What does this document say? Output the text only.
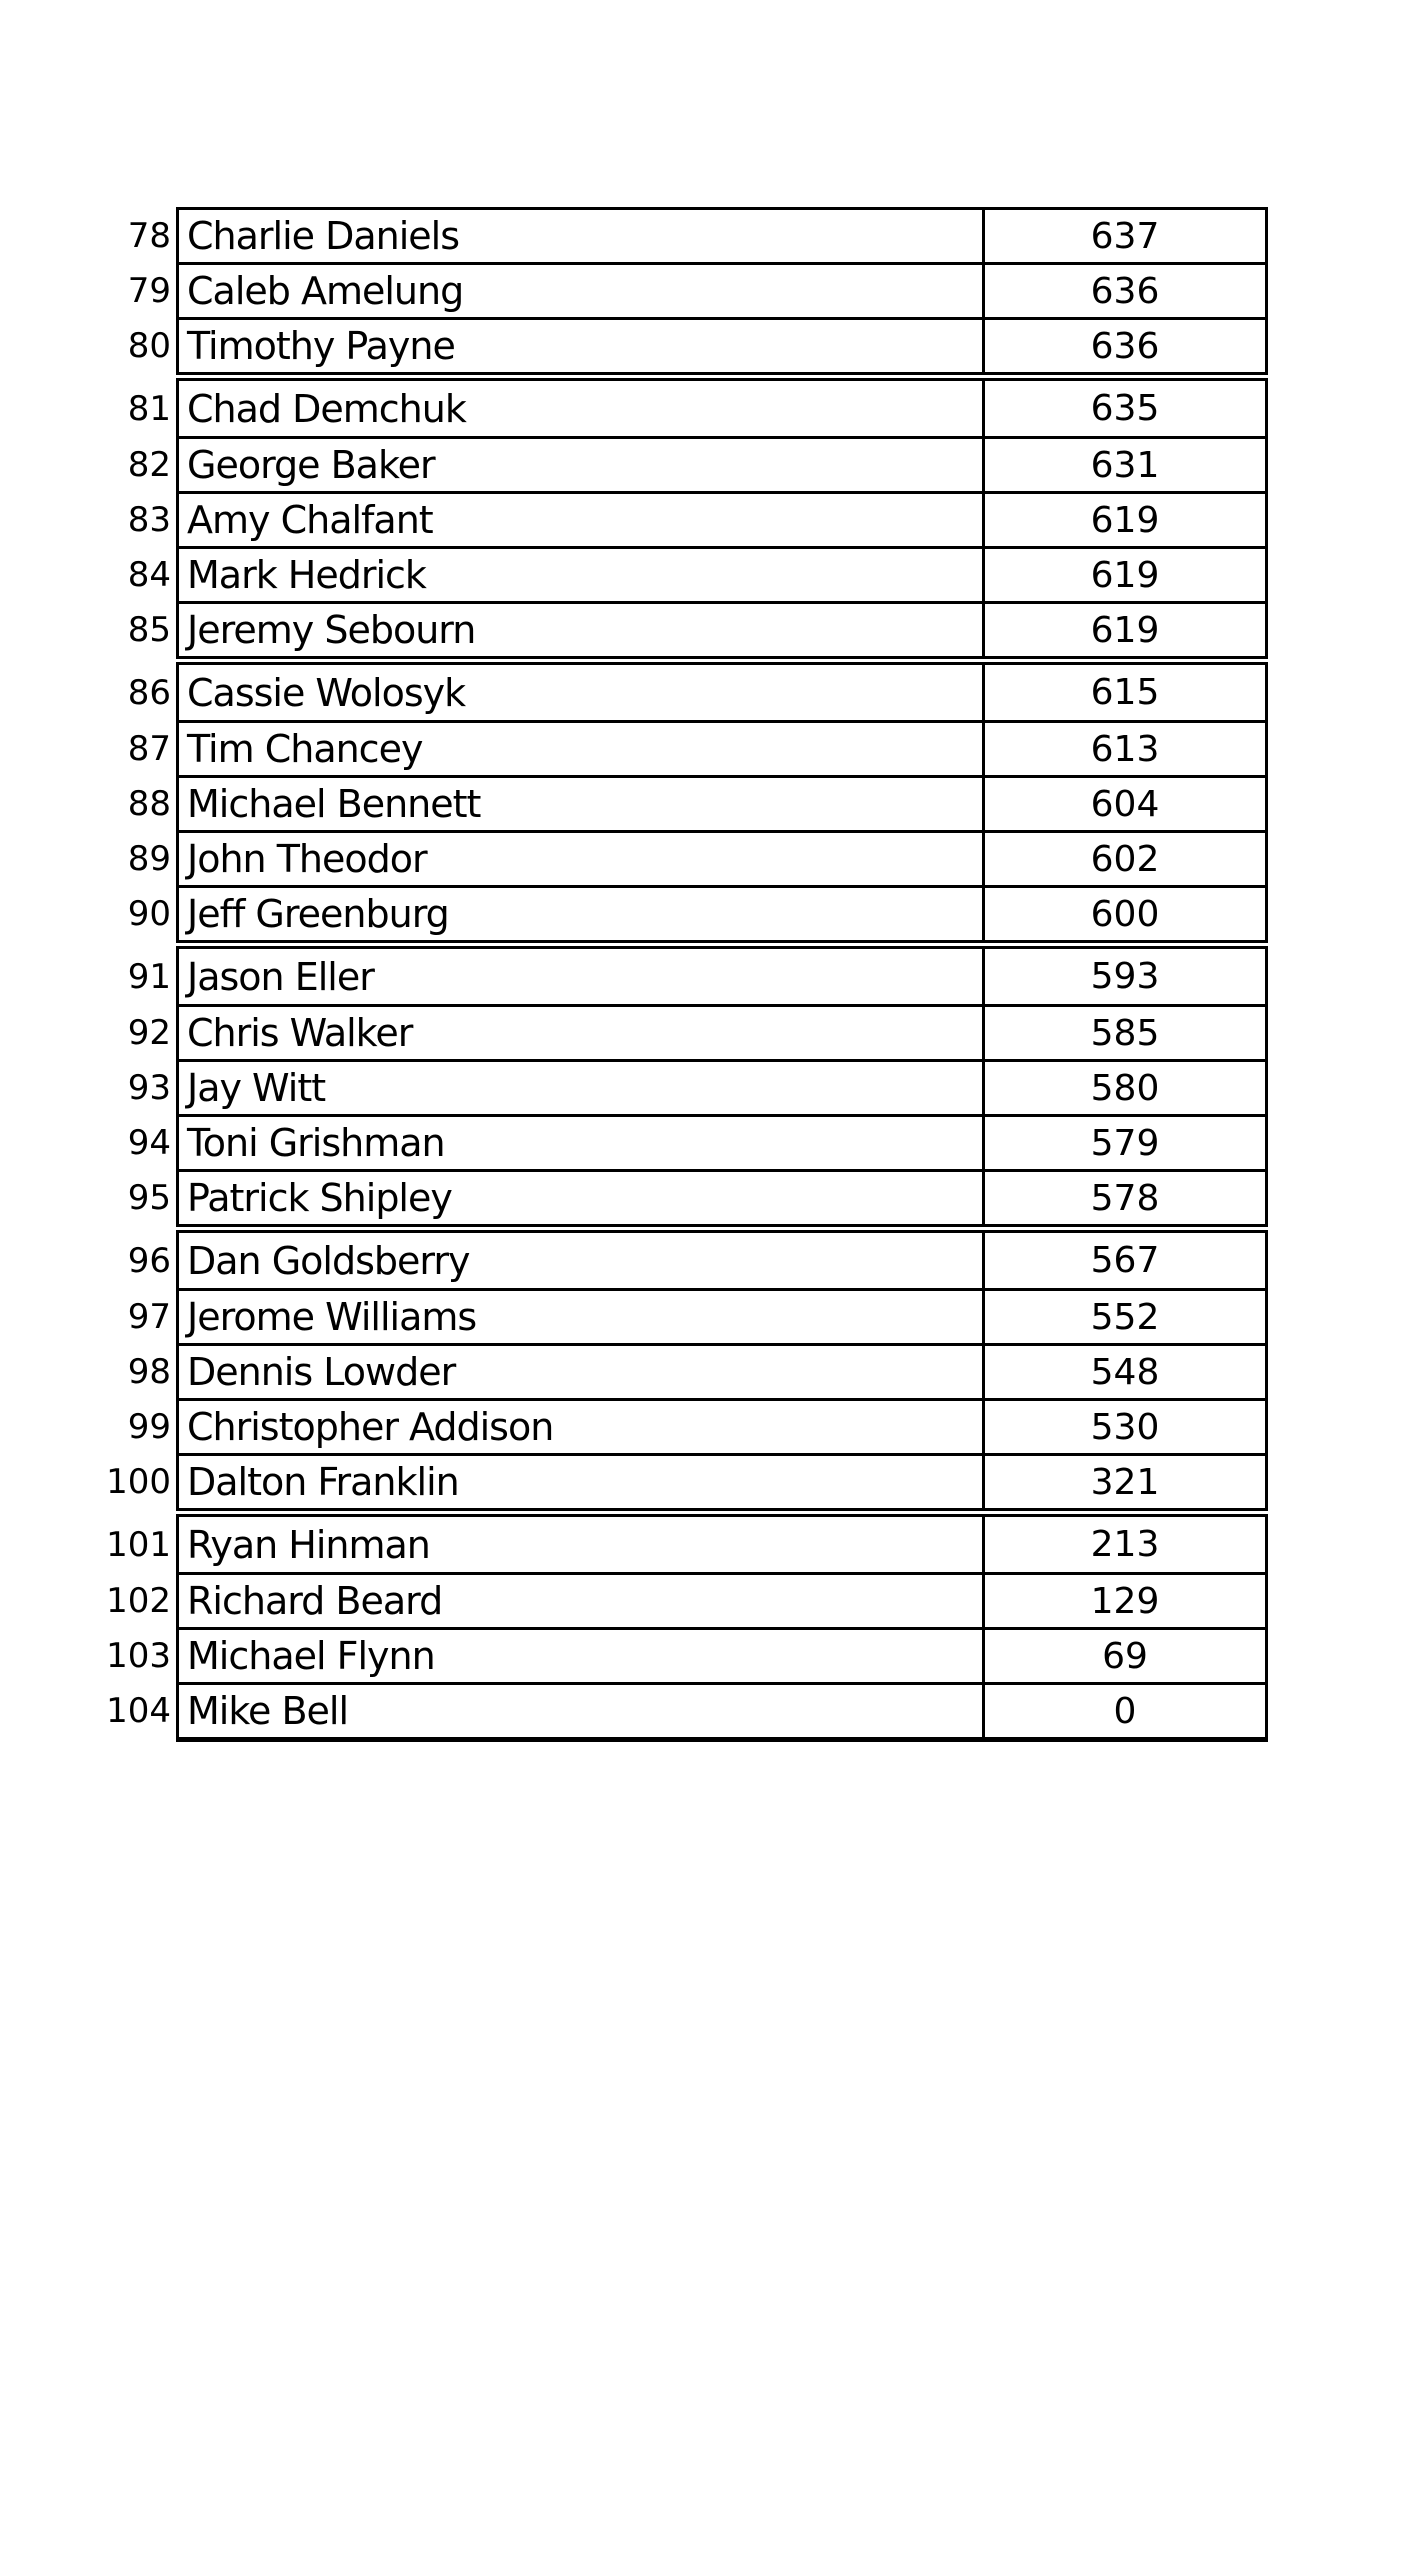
78 Charlie Daniels	637
79 Caleb Amelung	636
80 Timothy Payne	636
81 Chad Demchuk	635
82 George Baker	631
83 Amy Chalfant	619
84 Mark Hedrick	619
85 Jeremy Sebourn	619
86 Cassie Wolosyk	615
87 Tim Chancey	613
88 Michael Bennett	604
89 John Theodor	602
90 Jeff Greenburg	600
91 Jason Eller	593
92 Chris Walker	585
93 Jay Witt	580
94 Toni Grishman	579
95 Patrick Shipley	578
96 Dan Goldsberry	567
97 Jerome Williams	552
98 Dennis Lowder	548
99 Christopher Addison	530
100 Dalton Franklin	321
101 Ryan Hinman	213
102 Richard Beard	129
103 Michael Flynn	69
104 Mike Bell	0
